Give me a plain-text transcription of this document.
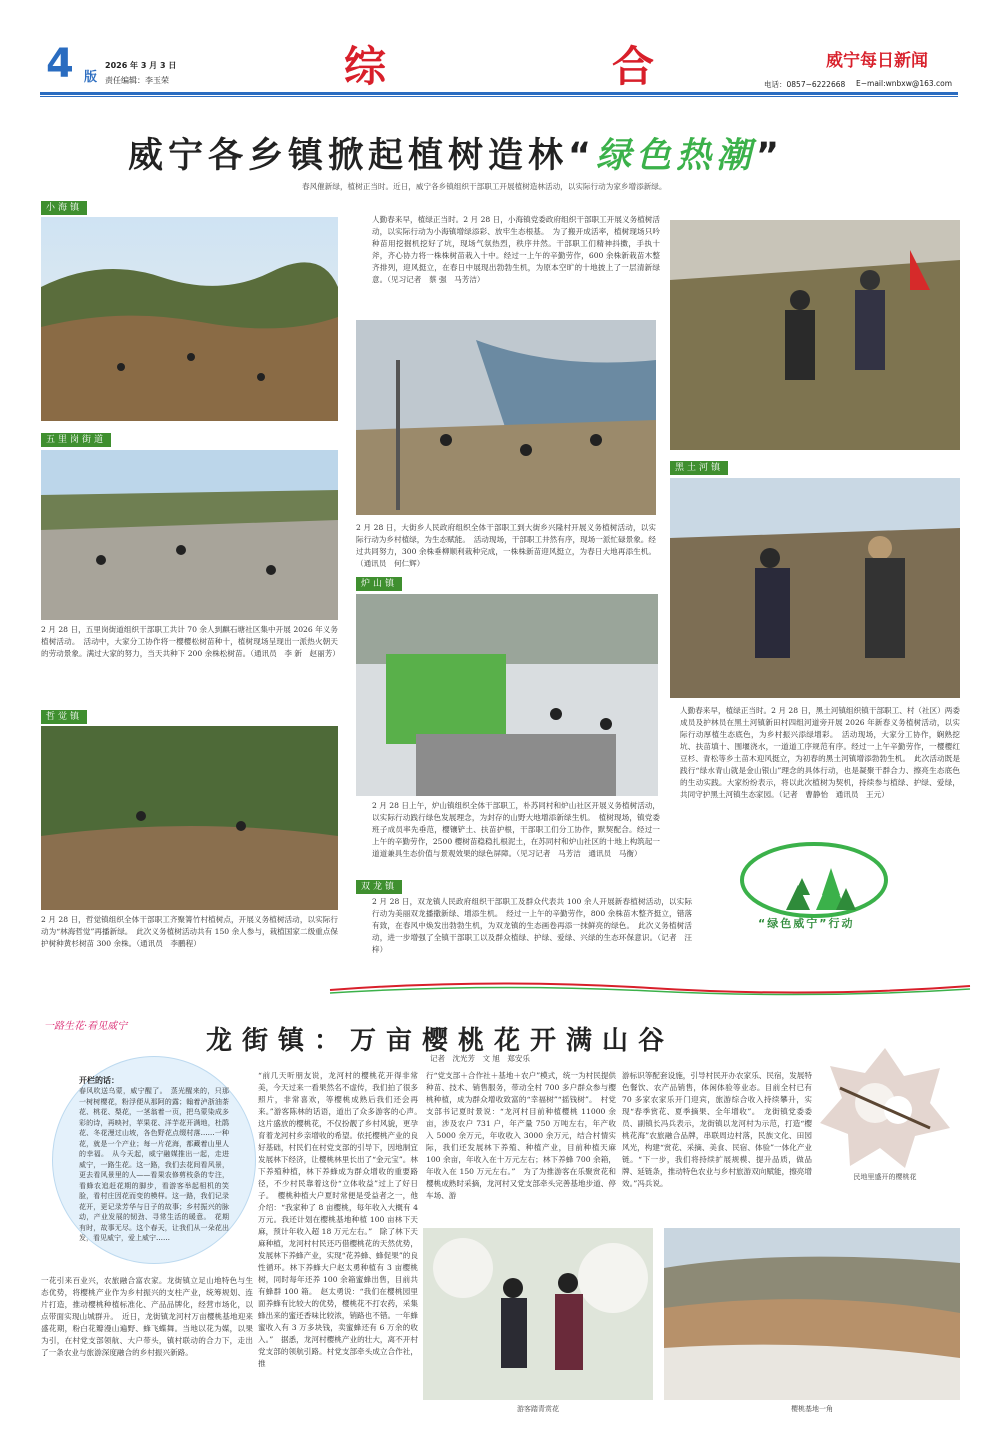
4 版
2026 年 3 月 3 日
责任编辑：李玉荣	综	合	威宁每日新闻
电话：0857−6222668 E−mail:wnbxw@163.com
威宁各乡镇掀起植树造林“绿色热潮”
春风催新绿，植树正当时。近日，威宁各乡镇组织干部职工开展植树造林活动，以实际行动为家乡增添新绿。
小海镇
五里岗街道
2 月 28 日，五里岗街道组织干部职工共计 70 余人到麒石塘社区集中开展 2026 年义务植树活动。　活动中，大家分工协作将一樱樱松树苗种十，植树现场呈现出一派热火朝天的劳动景象。满过大家的努力，当天共种下 200 余株松树苗。（通讯员　李 新　赵丽芳）
哲觉镇
2 月 28 日，哲觉镇组织全体干部职工齐聚箐竹村植树点，开展义务植树活动，以实际行动为“林海哲觉”再播新绿。　此次义务植树活动共有 150 余人参与，栽植国家二级重点保护树种黄杉树苗 300 余株。（通讯员　李鹏程）
人勤春来早，植绿正当时。2 月 28 日，小海镇党委政府组织干部职工开展义务植树活动，以实际行动为小海镇增绿添彩、放牢生态根基。　为了搬开成活率，植树现场只吟种苗用挖掘机挖好了坑，现场气氛热烈，秩序井然。干部职工们精神抖擞，手执十斧，齐心协力将一株株树苗栽入十中。经过一上午的辛勤劳作，600 余株新栽苗木整齐排列，迎风挺立，在春日中展现出勃勃生机，为原本空旷的十地披上了一层清新绿意。（见习记者　蔡 强　马芳洁）
2 月 28 日，大街乡人民政府组织全体干部职工到大街乡兴隆村开展义务植树活动，以实际行动为乡村植绿，为生态赋能。　活动现场，干部职工井然有序，现场一派忙碌景象。经过共同努力，300 余株垂柳顺利栽种完成，一株株新苗迎风挺立，为春日大地再添生机。（通讯员　何仁辉）
炉山镇
2 月 28 日上午，炉山镇组织全体干部职工，朴苏同村和炉山社区开展义务植树活动，以实际行动践行绿色发展理念，为封存的山野大地增添新绿生机。　植树现场，镇党委班子成员率先垂范，樱镶铲土、扶苗护根，干部职工们分工协作，默契配合。经过一上午的辛勤劳作，2500 樱树苗稳稳扎根泥土，在苏同村和炉山社区的十地上构筑起一道道兼具生态价值与景观效果的绿色屏障。（见习记者　马芳洁　通讯员　马衡）
双龙镇
2 月 28 日，双龙镇人民政府组织干部职工及群众代表共 100 余人开展新春植树活动，以实际行动为美丽双龙播撒新绿、增添生机。　经过一上午的辛勤劳作，800 余株苗木整齐挺立，错落有致，在春风中焕发出勃勃生机，为双龙镇的生态画卷再添一抹鲜亮的绿色。　此次义务植树活动，进一步增强了全镇干部职工以及群众植绿、护绿、爱绿、兴绿的生态环保意识。（记者　汪梓）
黑土河镇
人勤春来早，植绿正当时。2 月 28 日，黑土河镇组织镇干部职工、村（社区）两委成员及护林员在黑土河镇新田村四组河道旁开展 2026 年新春义务植树活动，以实际行动厚植生态底色，为乡村振兴添绿增彩。　活动现场，大家分工协作，娴熟挖坑、扶苗填十、围堰浇水，一道道工序规范有序。经过一上午辛勤劳作，一樱樱红豆杉、青松等乡土苗木迎风挺立，为初春的黑土河镇增添勃勃生机。　此次活动既是践行“绿水青山就是金山银山”理念的具体行动，也是凝聚干群合力、擦亮生态底色的生动实践。大家纷纷表示，将以此次植树为契机，持续参与植绿、护绿、爱绿，共同守护黑土河镇生态家园。（记者　曹静怡　通讯员　王元）
“绿色威宁”行动
一路生花·看见威宁	龙街镇：万亩樱桃花开满山谷
记者　沈光芳　文 旭　郑安乐
开栏的话：
春风吹送乌蒙，威宁醒了。　蒸光醒来的，只那一树树樱花，粉浮便从那阿的露；翰着泸浙油茶花、桃花、梨花，一茎翁着一页，把乌蒙染成多彩的诗，再映衬，苹果花、洋芋花开满地，杜鹃花、冬花漫过山坡，各色野花点缀村落……一种花，就是一个产业；每一片花海，都藏着山里人的幸福。　从今天起，威宁融媒推出一起，走进威宁，一路生花。这一路，我们去花间看风景，更去看风景里的人——看果农修剪枝条的专注，看蜂农追赶花期的脚步，看游客举起相机的笑脸，看村庄因花而变的模样。这一路，我们记录花开，更记录芳华与日子的故事；乡村振兴的脉动，产业发展的韧劲、寻常生活的暖意。　花期有时，故事无尽。这个春天，让我们从一朵花出发，看见威宁，爱上威宁……
一花引来百业兴，农旅融合富农家。龙街镇立足山地特色与生态优势，将樱桃产业作为乡村振兴的支柱产业，统筹规划、连片打造，推动樱桃种植标准化、产品品牌化，经营市场化，以点带面实现山城群升。　近日，龙街镇龙河村万亩樱桃基地迎来盛花期，粉白花瓣漫山遍野、蜂飞蝶舞。当地以花为媒，以果为引，在村党支部领航、大户带头，镇村联动的合力下，走出了一条农业与旅游深度融合的乡村振兴新路。
“前几天听朋友说，龙河村的樱桃花开得非常美，今天过来一看果然名不虚传，我们拍了很多照片，非常喜欢，等樱桃成熟后我们还会再来。”游客陈林的话语，道出了众多游客的心声。　这片盛放的樱桃花，不仅扮靓了乡村风貌，更孕育着龙河村乡亲增收的希望。依托樱桃产业的良好基础，村民们在村党支部的引导下，因地制宜发展林下经济，让樱桃林里长出了“金元宝”。林下养殖种植，林下养蜂成为群众增收的重要路径，不少村民靠着这份“立体收益”过上了好日子。　樱桃种植大户夏时常便是受益者之一，他介绍：“我家种了 8 亩樱桃，每年收入大概有 4 万元。我还计划在樱桃基地种植 100 亩林下天麻，预计年收入超 18 万元左右。”　除了林下天麻种植，龙河村村民还巧借樱桃花的天然优势，发展林下养蜂产业，实现“花养蜂、蜂促果”的良性循环。林下养蜂大户赵太勇种植有 3 亩樱桃树，同时每年还养 100 余箱蜜蜂出售，目前共有蜂群 100 箱。　赵太勇说：“我们在樱桃园里面养蜂有比较大的优势，樱桃花不打农药，采集蜂出来的蜜还香味比较浓，销路也不错。一年蜂蜜收入有 3 万多块钱，卖蜜蜂还有 6 万余的收入。”　据悉，龙河村樱桃产业的壮大，离不开村党支部的领航引路。村党支部牵头成立合作社，推
行“党支部＋合作社＋基地＋农户”模式，统一为村民提供种苗、技术、销售服务，带动全村 700 多户群众参与樱桃种植，成为群众增收致富的“幸福树”“摇钱树”。　村党支部书记夏时景说：“龙河村目前种植樱桃 11000 余亩，涉及农户 731 户，年产量 750 万吨左右，年产收入 5000 余万元，年收收入 3000 余万元，结合村情实际，我们还发展林下养殖、种植产业，目前种植天麻 100 余亩，年收入在十万元左右；林下养蜂 700 余箱，年收入在 150 万元左右。”　为了为推游客在乐聚赏花和樱桃成熟时采摘，龙河村又党支部牵头完善基地步道、停车场、游
游标识等配套设施，引导村民开办农家乐、民宿，发展特色餐饮、农产品销售，体闲体验等业态。目前全村已有 70 多家农家乐开门迎宾，旅游综合收入持续攀升，实现“春季赏花、夏季摘果、全年增收”。　龙街镇党委委员、副镇长冯兵表示，龙街镇以龙河村为示范，打造“樱桃花海”农旅融合品牌，串联周边村落，民族文化、田园风光，构建“赏花、采摘、美食、民宿、体验”一体化产业链。“下一步，我们将持续扩展规模、提升品质，做品牌、延链条，推动特色农业与乡村旅游双向赋能，擦亮增效。”冯兵说。
民地里盛开的樱桃花
游客踏青赏花	樱桃基地一角
